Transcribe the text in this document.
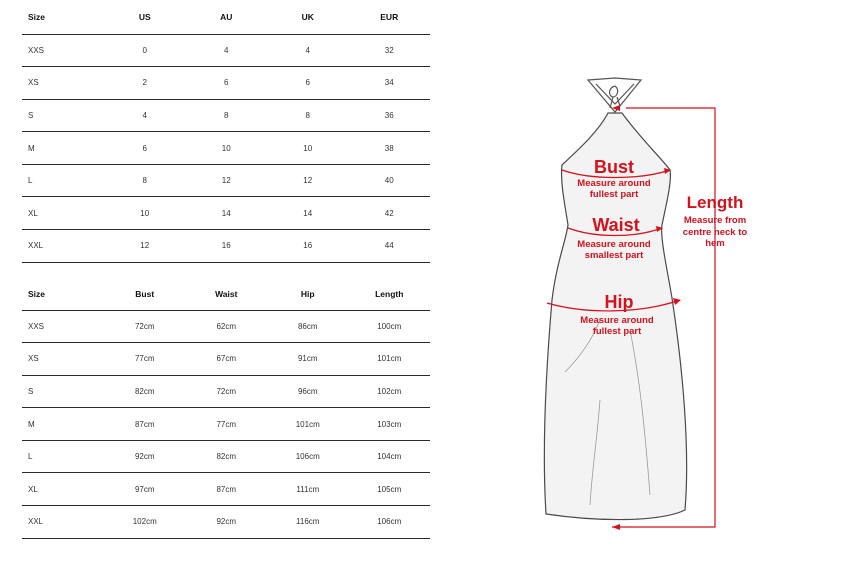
Size	US	AU	UK	EUR
XXS	0	4	4	32
XS	2	6	6	34
S	4	8	8	36
M	6	10	10	38
L	8	12	12	40
XL	10	14	14	42
XXL	12	16	16	44
Size	Bust	Waist	Hip	Length
XXS	72cm	62cm	86cm	100cm
XS	77cm	67cm	91cm	101cm
S	82cm	72cm	96cm	102cm
M	87cm	77cm	101cm	103cm
L	92cm	82cm	106cm	104cm
XL	97cm	87cm	111cm	105cm
XXL	102cm	92cm	116cm	106cm
Bust
Measure around
fullest part
Waist
Measure around
smallest part
Hip
Measure around
fullest part
Length
Measure from
centre neck to
hem
